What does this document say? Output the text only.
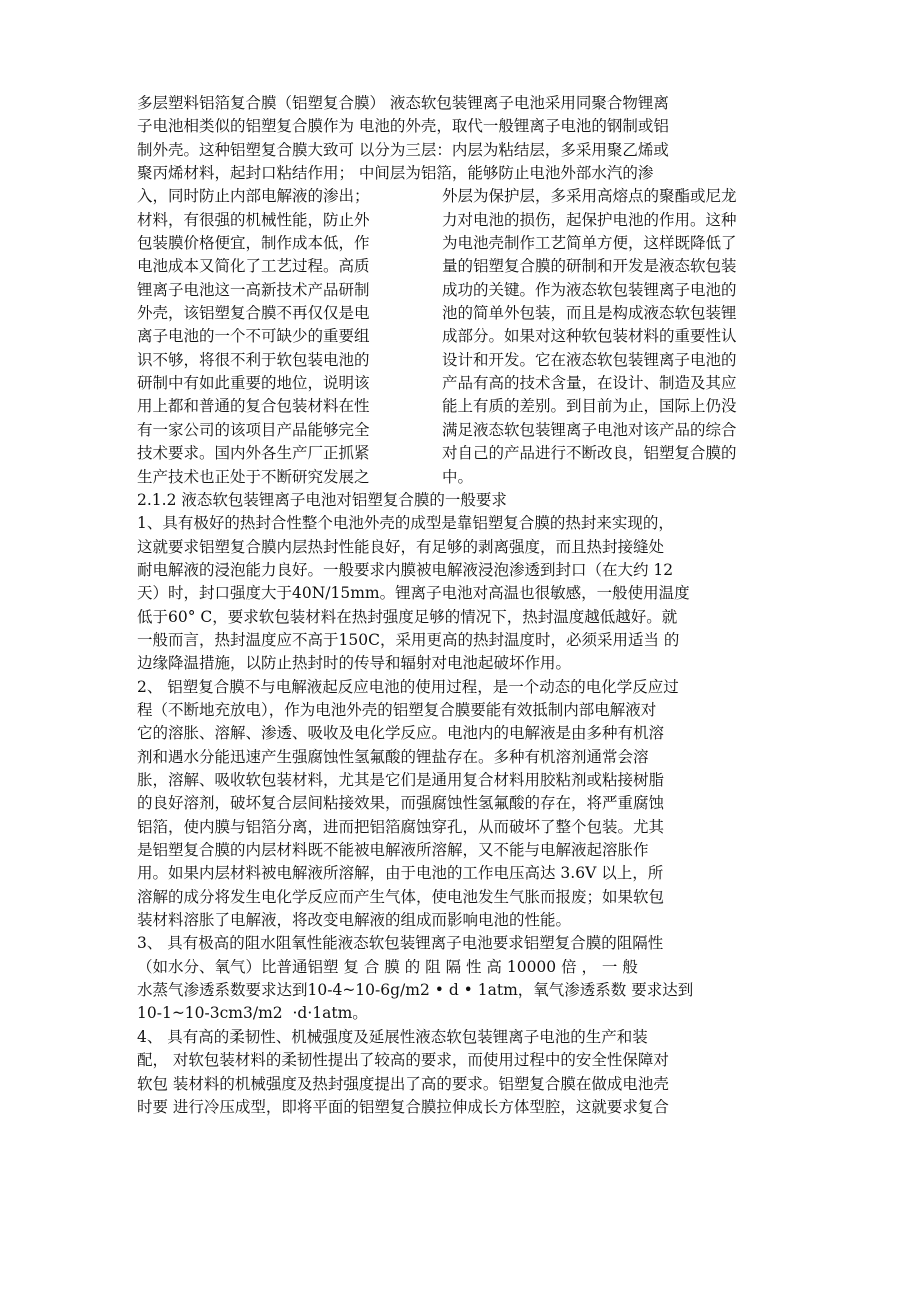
多层塑料铝箔复合膜（铝塑复合膜） 液态软包装锂离子电池采用同聚合物锂离
子电池相类似的铝塑复合膜作为 电池的外壳，取代一般锂离子电池的钢制或铝
制外壳。这种铝塑复合膜大致可 以分为三层：内层为粘结层，多采用聚乙烯或
聚丙烯材料，起封口粘结作用； 中间层为铝箔，能够防止电池外部水汽的渗
入，同时防止内部电解液的渗出；
材料，有很强的机械性能，防止外
包装膜价格便宜，制作成本低，作
电池成本又简化了工艺过程。高质
锂离子电池这一高新技术产品研制
外壳，该铝塑复合膜不再仅仅是电
离子电池的一个不可缺少的重要组
识不够，将很不利于软包装电池的
研制中有如此重要的地位，说明该
用上都和普通的复合包装材料在性
有一家公司的该项目产品能够完全
技术要求。国内外各生产厂正抓紧
生产技术也正处于不断研究发展之
外层为保护层，多采用高熔点的聚酯或尼龙
力对电池的损伤，起保护电池的作用。这种
为电池壳制作工艺简单方便，这样既降低了
量的铝塑复合膜的研制和开发是液态软包装
成功的关键。作为液态软包装锂离子电池的
池的简单外包装，而且是构成液态软包装锂
成部分。如果对这种软包装材料的重要性认
设计和开发。它在液态软包装锂离子电池的
产品有高的技术含量，在设计、制造及其应
能上有质的差别。到目前为止，国际上仍没
满足液态软包装锂离子电池对该产品的综合
对自己的产品进行不断改良，铝塑复合膜的
中。
2.1.2 液态软包装锂离子电池对铝塑复合膜的一般要求
1、具有极好的热封合性整个电池外壳的成型是靠铝塑复合膜的热封来实现的，
这就要求铝塑复合膜内层热封性能良好，有足够的剥离强度，而且热封接缝处
耐电解液的浸泡能力良好。一般要求内膜被电解液浸泡渗透到封口（在大约 12
天）时，封口强度大于40N/15mm。锂离子电池对高温也很敏感，一般使用温度
低于60° C，要求软包装材料在热封强度足够的情况下，热封温度越低越好。就
一般而言，热封温度应不高于150C，采用更高的热封温度时，必须采用适当 的
边缘降温措施，以防止热封时的传导和辐射对电池起破坏作用。
2、 铝塑复合膜不与电解液起反应电池的使用过程，是一个动态的电化学反应过
程（不断地充放电），作为电池外壳的铝塑复合膜要能有效抵制内部电解液对
它的溶胀、溶解、渗透、吸收及电化学反应。电池内的电解液是由多种有机溶
剂和遇水分能迅速产生强腐蚀性氢氟酸的锂盐存在。多种有机溶剂通常会溶
胀，溶解、吸收软包装材料，尤其是它们是通用复合材料用胶粘剂或粘接树脂
的良好溶剂，破坏复合层间粘接效果，而强腐蚀性氢氟酸的存在，将严重腐蚀
铝箔，使内膜与铝箔分离，进而把铝箔腐蚀穿孔，从而破坏了整个包装。尤其
是铝塑复合膜的内层材料既不能被电解液所溶解，又不能与电解液起溶胀作
用。如果内层材料被电解液所溶解，由于电池的工作电压高达 3.6V 以上，所
溶解的成分将发生电化学反应而产生气体，使电池发生气胀而报废；如果软包
装材料溶胀了电解液，将改变电解液的组成而影响电池的性能。
3、 具有极高的阻水阻氧性能液态软包装锂离子电池要求铝塑复合膜的阻隔性
（如水分、氧气）比普通铝塑 复 合 膜 的 阻 隔 性 高 10000 倍 ， 一 般
水蒸气渗透系数要求达到10-4~10-6g/m2 • d • 1atm，氧气渗透系数 要求达到
10-1~10-3cm3/m2  ·d·1atm。
4、 具有高的柔韧性、机械强度及延展性液态软包装锂离子电池的生产和装
配， 对软包装材料的柔韧性提出了较高的要求，而使用过程中的安全性保障对
软包 装材料的机械强度及热封强度提出了高的要求。铝塑复合膜在做成电池壳
时要 进行冷压成型，即将平面的铝塑复合膜拉伸成长方体型腔，这就要求复合
